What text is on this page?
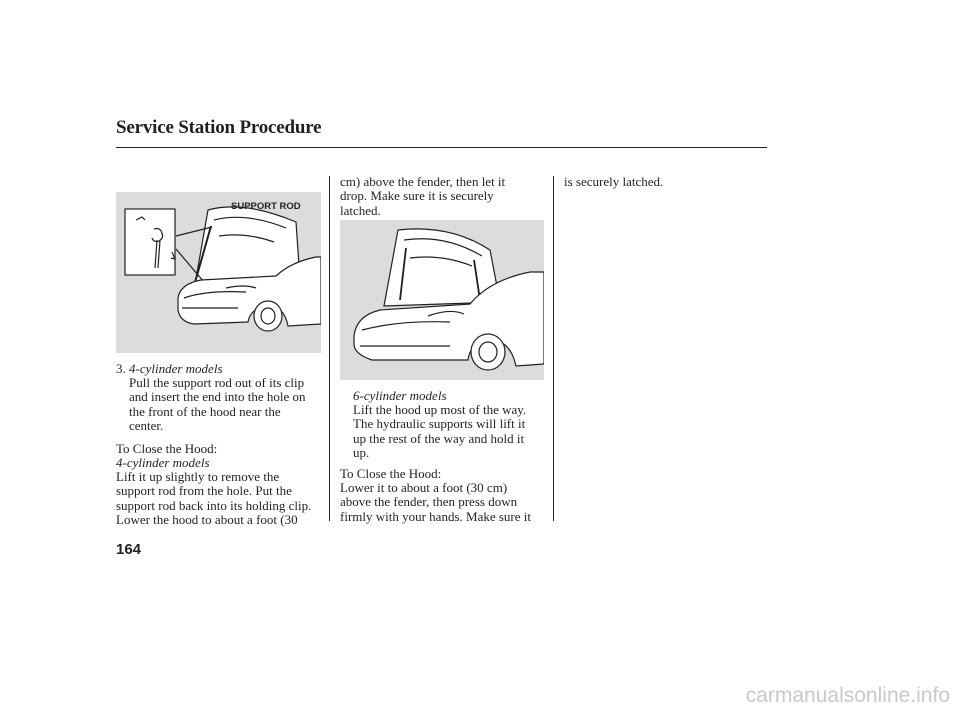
Service Station Procedure
SUPPORT ROD
3. 4-cylinder models
Pull the support rod out of its clip
and insert the end into the hole on
the front of the hood near the
center.
To Close the Hood:
4-cylinder models
Lift it up slightly to remove the
support rod from the hole. Put the
support rod back into its holding clip.
Lower the hood to about a foot (30
cm) above the fender, then let it
drop. Make sure it is securely
latched.
6-cylinder models
Lift the hood up most of the way.
The hydraulic supports will lift it
up the rest of the way and hold it
up.
To Close the Hood:
Lower it to about a foot (30 cm)
above the fender, then press down
firmly with your hands. Make sure it
is securely latched.
164
carmanualsonline.info
